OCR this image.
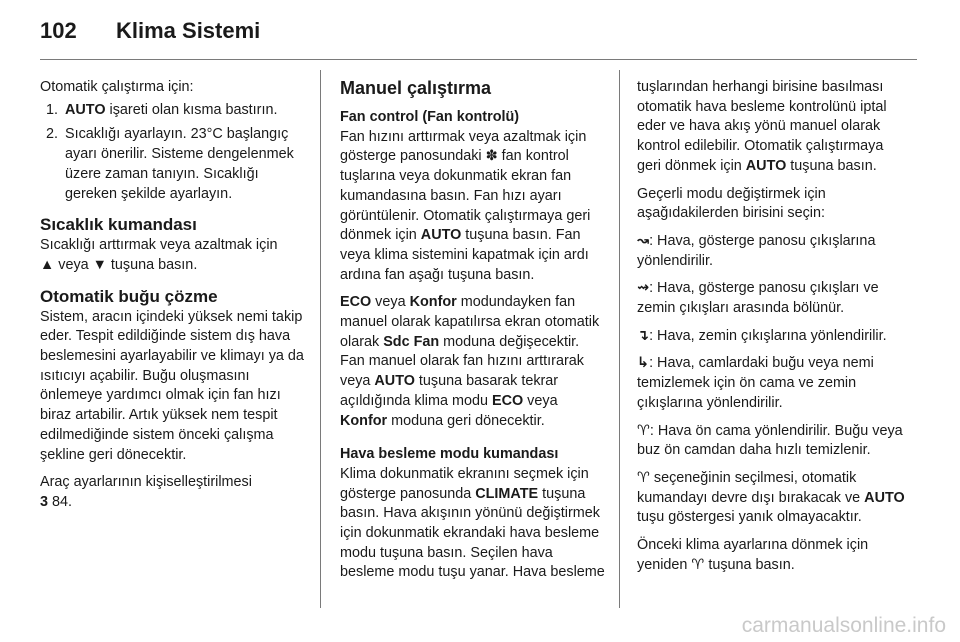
102 Klima Sistemi

Otomatik çalıştırma için:

1. AUTO işareti olan kısma bastırın.
2. Sıcaklığı ayarlayın. 23°C başlangıç ayarı önerilir. Sisteme dengelenmek üzere zaman tanıyın. Sıcaklığı gereken şekilde ayarlayın.
Sıcaklık kumandası

Sıcaklığı arttırmak veya azaltmak için
▲ veya ▼ tuşuna basın.

Otomatik buğu çözme

Sistem, aracın içindeki yüksek nemi takip eder. Tespit edildiğinde sistem dış hava beslemesini ayarlayabilir ve klimayı ya da ısıtıcıyı açabilir. Buğu oluşmasını önlemeye yardımcı olmak için fan hızı biraz artabilir. Artık yüksek nem tespit edilmediğinde sistem önceki çalışma şekline geri dönecektir.

Araç ayarlarının kişiselleştirilmesi
3 84.

Manuel çalıştırma
Fan control (Fan kontrolü)

Fan hızını arttırmak veya azaltmak için gösterge panosundaki ✽ fan kontrol tuşlarına veya dokunmatik ekran fan kumandasına basın. Fan hızı ayarı görüntülenir. Otomatik çalıştırmaya geri dönmek için AUTO tuşuna basın. Fan veya klima sistemini kapatmak için ardı ardına fan aşağı tuşuna basın.

ECO veya Konfor modundayken fan manuel olarak kapatılırsa ekran otomatik olarak Sdc Fan moduna değişecektir. Fan manuel olarak fan hızını arttırarak veya AUTO tuşuna basarak tekrar açıldığında klima modu ECO veya Konfor moduna geri dönecektir.

Hava besleme modu kumandası

Klima dokunmatik ekranını seçmek için gösterge panosunda CLIMATE tuşuna basın. Hava akışının yönünü değiştirmek için dokunmatik ekrandaki hava besleme modu tuşuna basın. Seçilen hava besleme modu tuşu yanar. Hava besleme

tuşlarından herhangi birisine basılması otomatik hava besleme kontrolünü iptal eder ve hava akış yönü manuel olarak kontrol edilebilir. Otomatik çalıştırmaya geri dönmek için AUTO tuşuna basın.

Geçerli modu değiştirmek için aşağıdakilerden birisini seçin:

↝: Hava, gösterge panosu çıkışlarına yönlendirilir.

⇝: Hava, gösterge panosu çıkışları ve zemin çıkışları arasında bölünür.

↴: Hava, zemin çıkışlarına yönlendirilir.

↳: Hava, camlardaki buğu veya nemi temizlemek için ön cama ve zemin çıkışlarına yönlendirilir.

♈: Hava ön cama yönlendirilir. Buğu veya buz ön camdan daha hızlı temizlenir.

♈ seçeneğinin seçilmesi, otomatik kumandayı devre dışı bırakacak ve AUTO tuşu göstergesi yanık olmayacaktır.

Önceki klima ayarlarına dönmek için yeniden ♈ tuşuna basın.

carmanualsonline.info
